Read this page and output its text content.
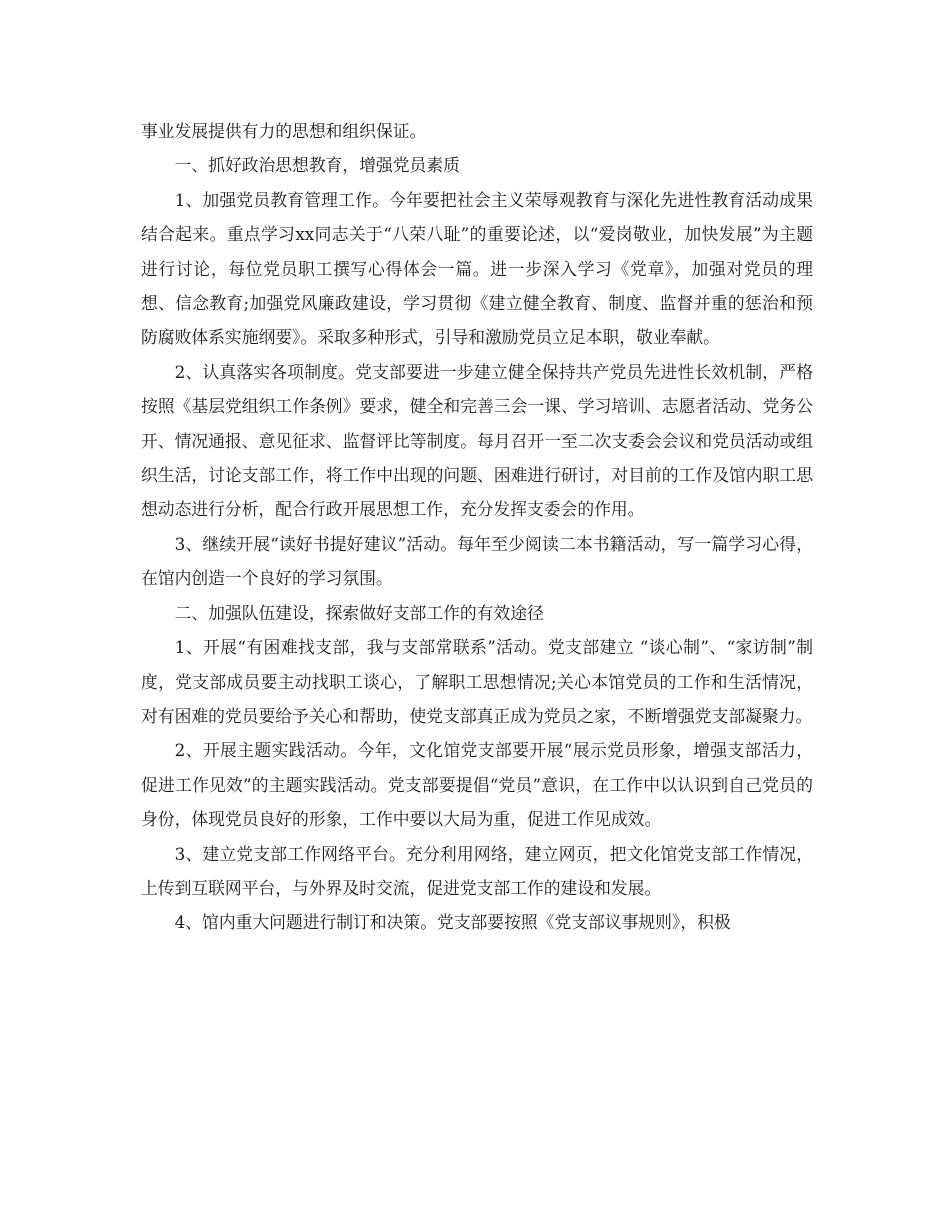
事业发展提供有力的思想和组织保证。

一、抓好政治思想教育，增强党员素质

1、加强党员教育管理工作。今年要把社会主义荣辱观教育与深化先进性教育活动成果结合起来。重点学习xx同志关于“八荣八耻”的重要论述，以“爱岗敬业，加快发展”为主题进行讨论，每位党员职工撰写心得体会一篇。进一步深入学习《党章》，加强对党员的理想、信念教育;加强党风廉政建设，学习贯彻《建立健全教育、制度、监督并重的惩治和预防腐败体系实施纲要》。采取多种形式，引导和激励党员立足本职，敬业奉献。

2、认真落实各项制度。党支部要进一步建立健全保持共产党员先进性长效机制，严格按照《基层党组织工作条例》要求，健全和完善三会一课、学习培训、志愿者活动、党务公开、情况通报、意见征求、监督评比等制度。每月召开一至二次支委会会议和党员活动或组织生活，讨论支部工作，将工作中出现的问题、困难进行研讨，对目前的工作及馆内职工思想动态进行分析，配合行政开展思想工作，充分发挥支委会的作用。

3、继续开展“读好书提好建议”活动。每年至少阅读二本书籍活动，写一篇学习心得，在馆内创造一个良好的学习氛围。

二、加强队伍建设，探索做好支部工作的有效途径

1、开展“有困难找支部，我与支部常联系”活动。党支部建立 “谈心制”、“家访制”制度，党支部成员要主动找职工谈心，了解职工思想情况;关心本馆党员的工作和生活情况，对有困难的党员要给予关心和帮助，使党支部真正成为党员之家，不断增强党支部凝聚力。

2、开展主题实践活动。今年，文化馆党支部要开展“展示党员形象，增强支部活力，促进工作见效”的主题实践活动。党支部要提倡“党员”意识，在工作中以认识到自己党员的身份，体现党员良好的形象，工作中要以大局为重，促进工作见成效。

3、建立党支部工作网络平台。充分利用网络，建立网页，把文化馆党支部工作情况，上传到互联网平台，与外界及时交流，促进党支部工作的建设和发展。

4、馆内重大问题进行制订和决策。党支部要按照《党支部议事规则》，积极
